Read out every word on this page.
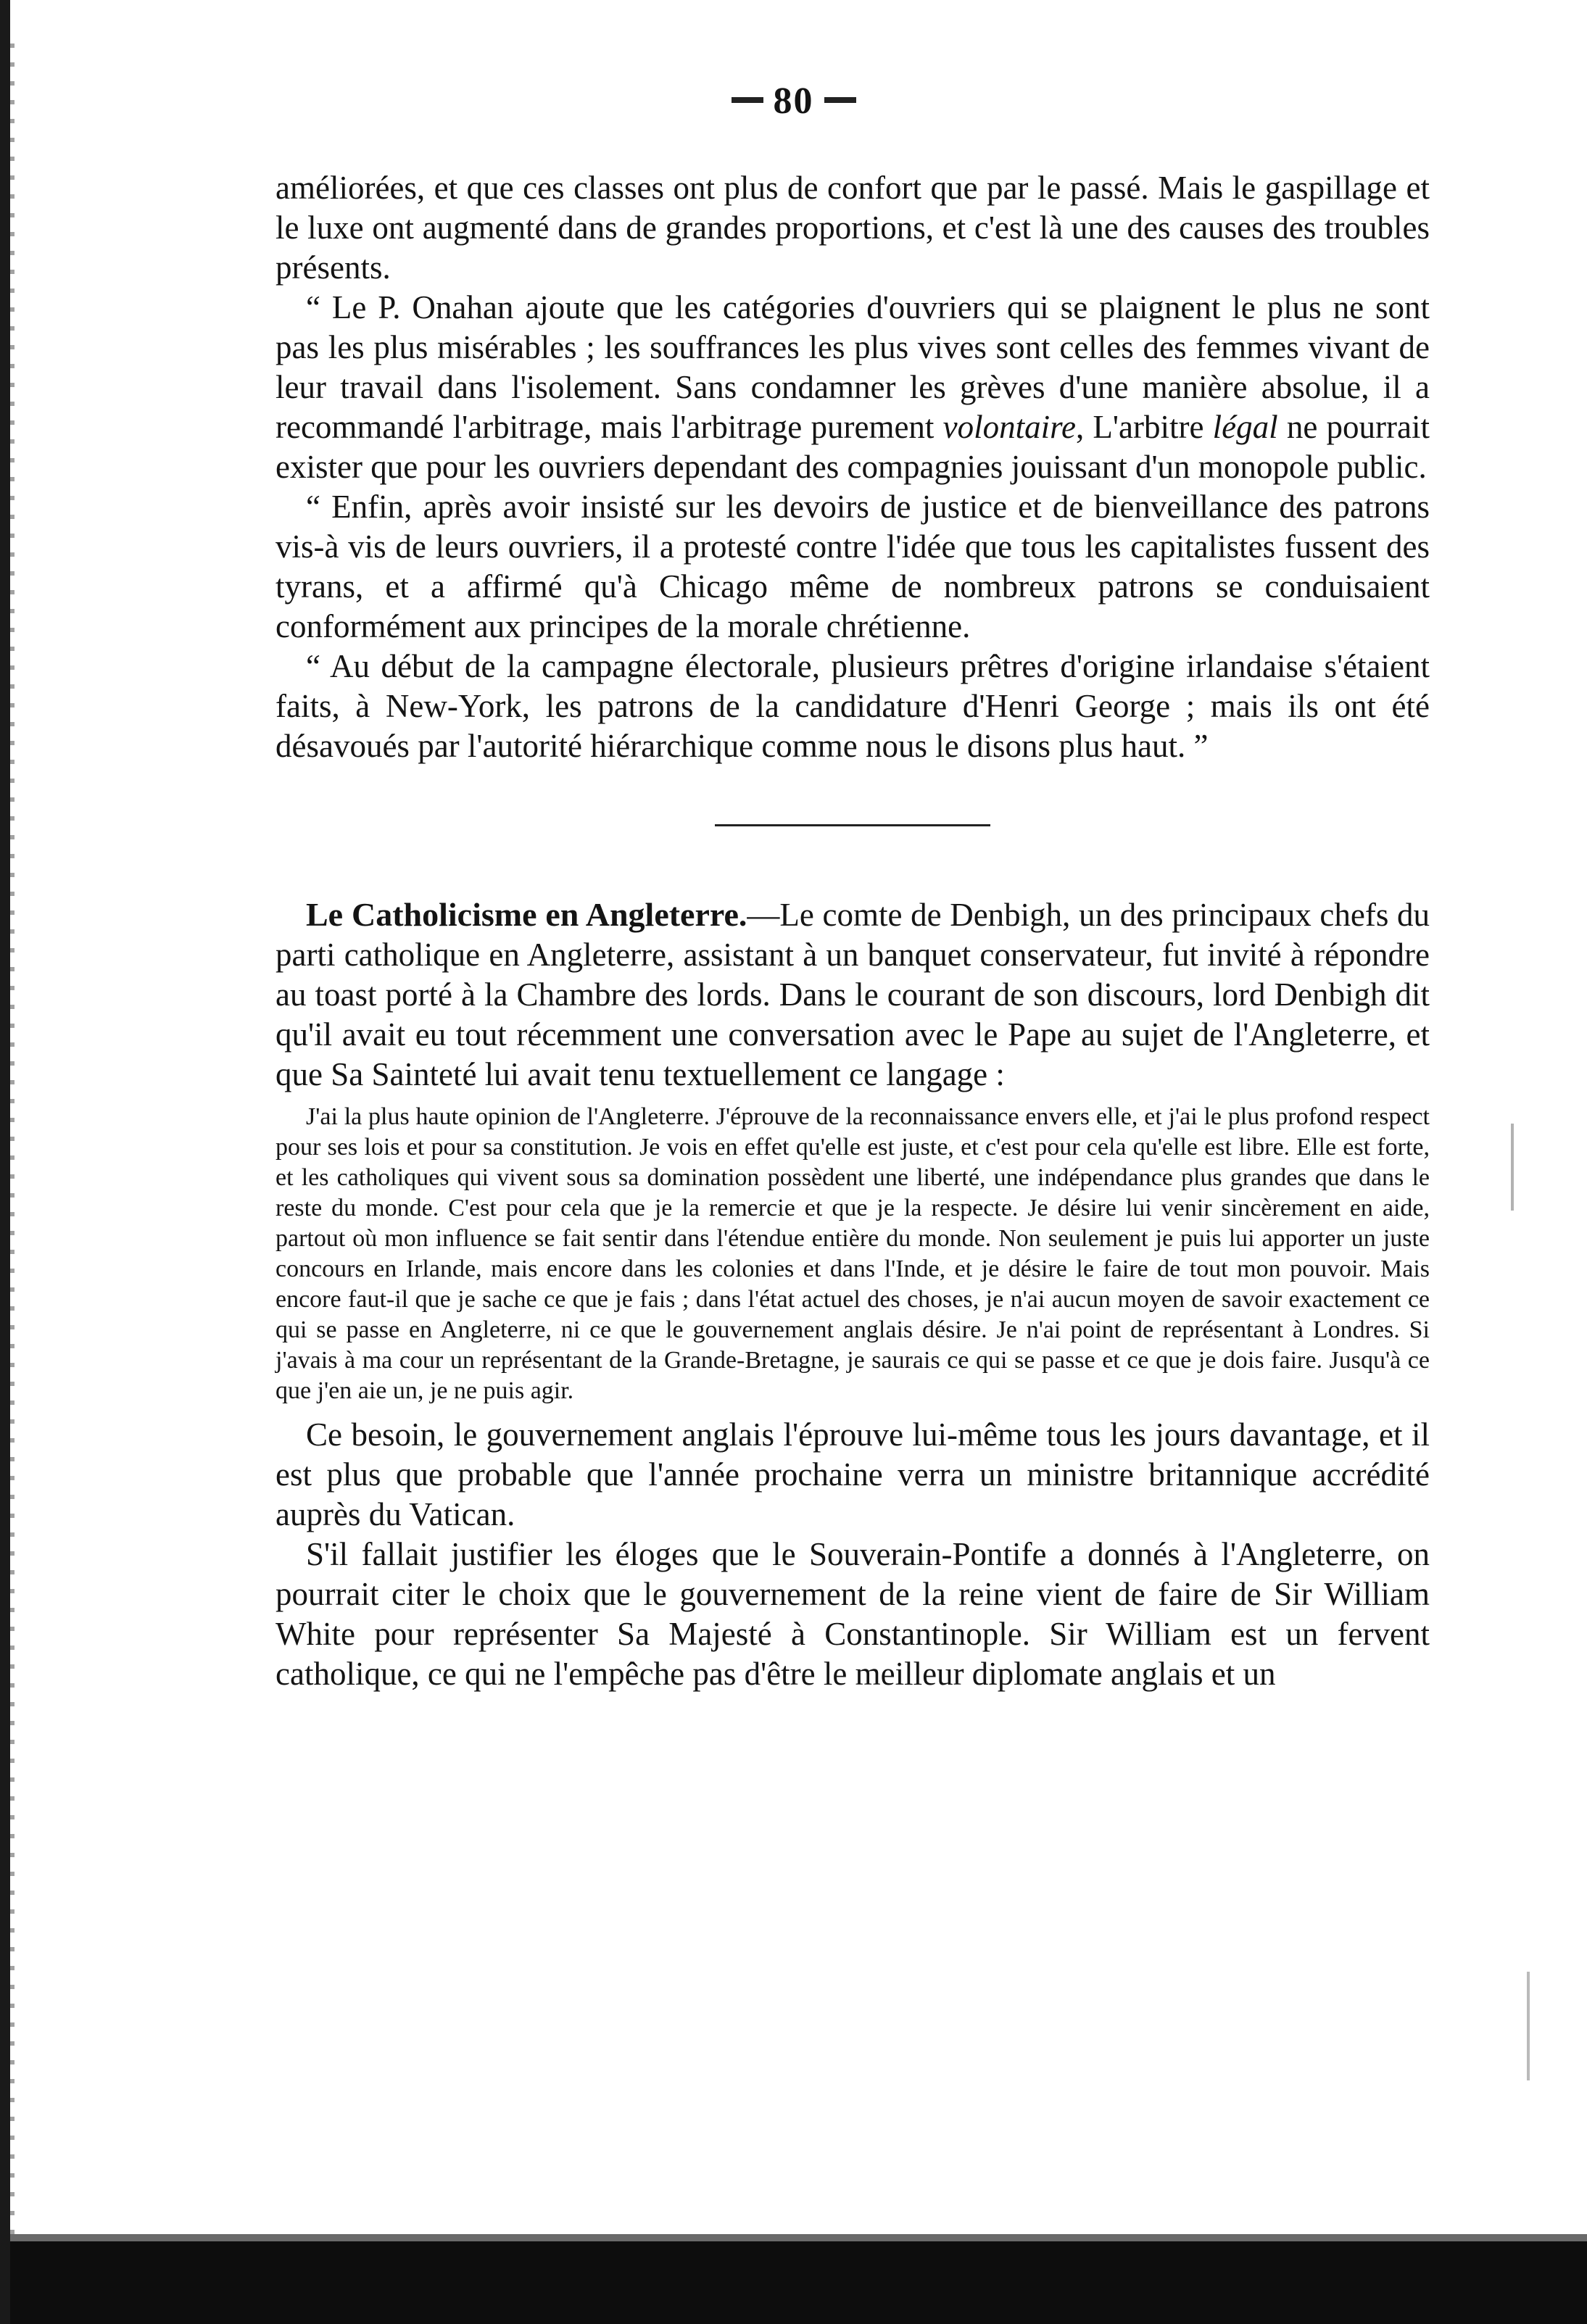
80

améliorées, et que ces classes ont plus de confort que par le passé. Mais le gaspillage et le luxe ont augmenté dans de grandes proportions, et c'est là une des causes des troubles présents.

“ Le P. Onahan ajoute que les catégories d'ouvriers qui se plaignent le plus ne sont pas les plus misérables ; les souffrances les plus vives sont celles des femmes vivant de leur travail dans l'isolement. Sans condamner les grèves d'une manière absolue, il a recommandé l'arbitrage, mais l'arbitrage purement volontaire, L'arbitre légal ne pourrait exister que pour les ouvriers dependant des compagnies jouissant d'un monopole public.

“ Enfin, après avoir insisté sur les devoirs de justice et de bienveillance des patrons vis-à vis de leurs ouvriers, il a protesté contre l'idée que tous les capitalistes fussent des tyrans, et a affirmé qu'à Chicago même de nombreux patrons se conduisaient conformément aux principes de la morale chrétienne.

“ Au début de la campagne électorale, plusieurs prêtres d'origine irlandaise s'étaient faits, à New-York, les patrons de la candidature d'Henri George ; mais ils ont été désavoués par l'autorité hiérarchique comme nous le disons plus haut. ”

Le Catholicisme en Angleterre.—Le comte de Denbigh, un des principaux chefs du parti catholique en Angleterre, assistant à un banquet conservateur, fut invité à répondre au toast porté à la Chambre des lords. Dans le courant de son discours, lord Denbigh dit qu'il avait eu tout récemment une conversation avec le Pape au sujet de l'Angleterre, et que Sa Sainteté lui avait tenu textuellement ce langage :

J'ai la plus haute opinion de l'Angleterre. J'éprouve de la reconnaissance envers elle, et j'ai le plus profond respect pour ses lois et pour sa constitution. Je vois en effet qu'elle est juste, et c'est pour cela qu'elle est libre. Elle est forte, et les catholiques qui vivent sous sa domination possèdent une liberté, une indépendance plus grandes que dans le reste du monde. C'est pour cela que je la remercie et que je la respecte. Je désire lui venir sincèrement en aide, partout où mon influence se fait sentir dans l'étendue entière du monde. Non seulement je puis lui apporter un juste concours en Irlande, mais encore dans les colonies et dans l'Inde, et je désire le faire de tout mon pouvoir. Mais encore faut-il que je sache ce que je fais ; dans l'état actuel des choses, je n'ai aucun moyen de savoir exactement ce qui se passe en Angleterre, ni ce que le gouvernement anglais désire. Je n'ai point de représentant à Londres. Si j'avais à ma cour un représentant de la Grande-Bretagne, je saurais ce qui se passe et ce que je dois faire. Jusqu'à ce que j'en aie un, je ne puis agir.

Ce besoin, le gouvernement anglais l'éprouve lui-même tous les jours davantage, et il est plus que probable que l'année prochaine verra un ministre britannique accrédité auprès du Vatican.

S'il fallait justifier les éloges que le Souverain-Pontife a donnés à l'Angleterre, on pourrait citer le choix que le gouvernement de la reine vient de faire de Sir William White pour représenter Sa Majesté à Constantinople. Sir William est un fervent catholique, ce qui ne l'empêche pas d'être le meilleur diplomate anglais et un
